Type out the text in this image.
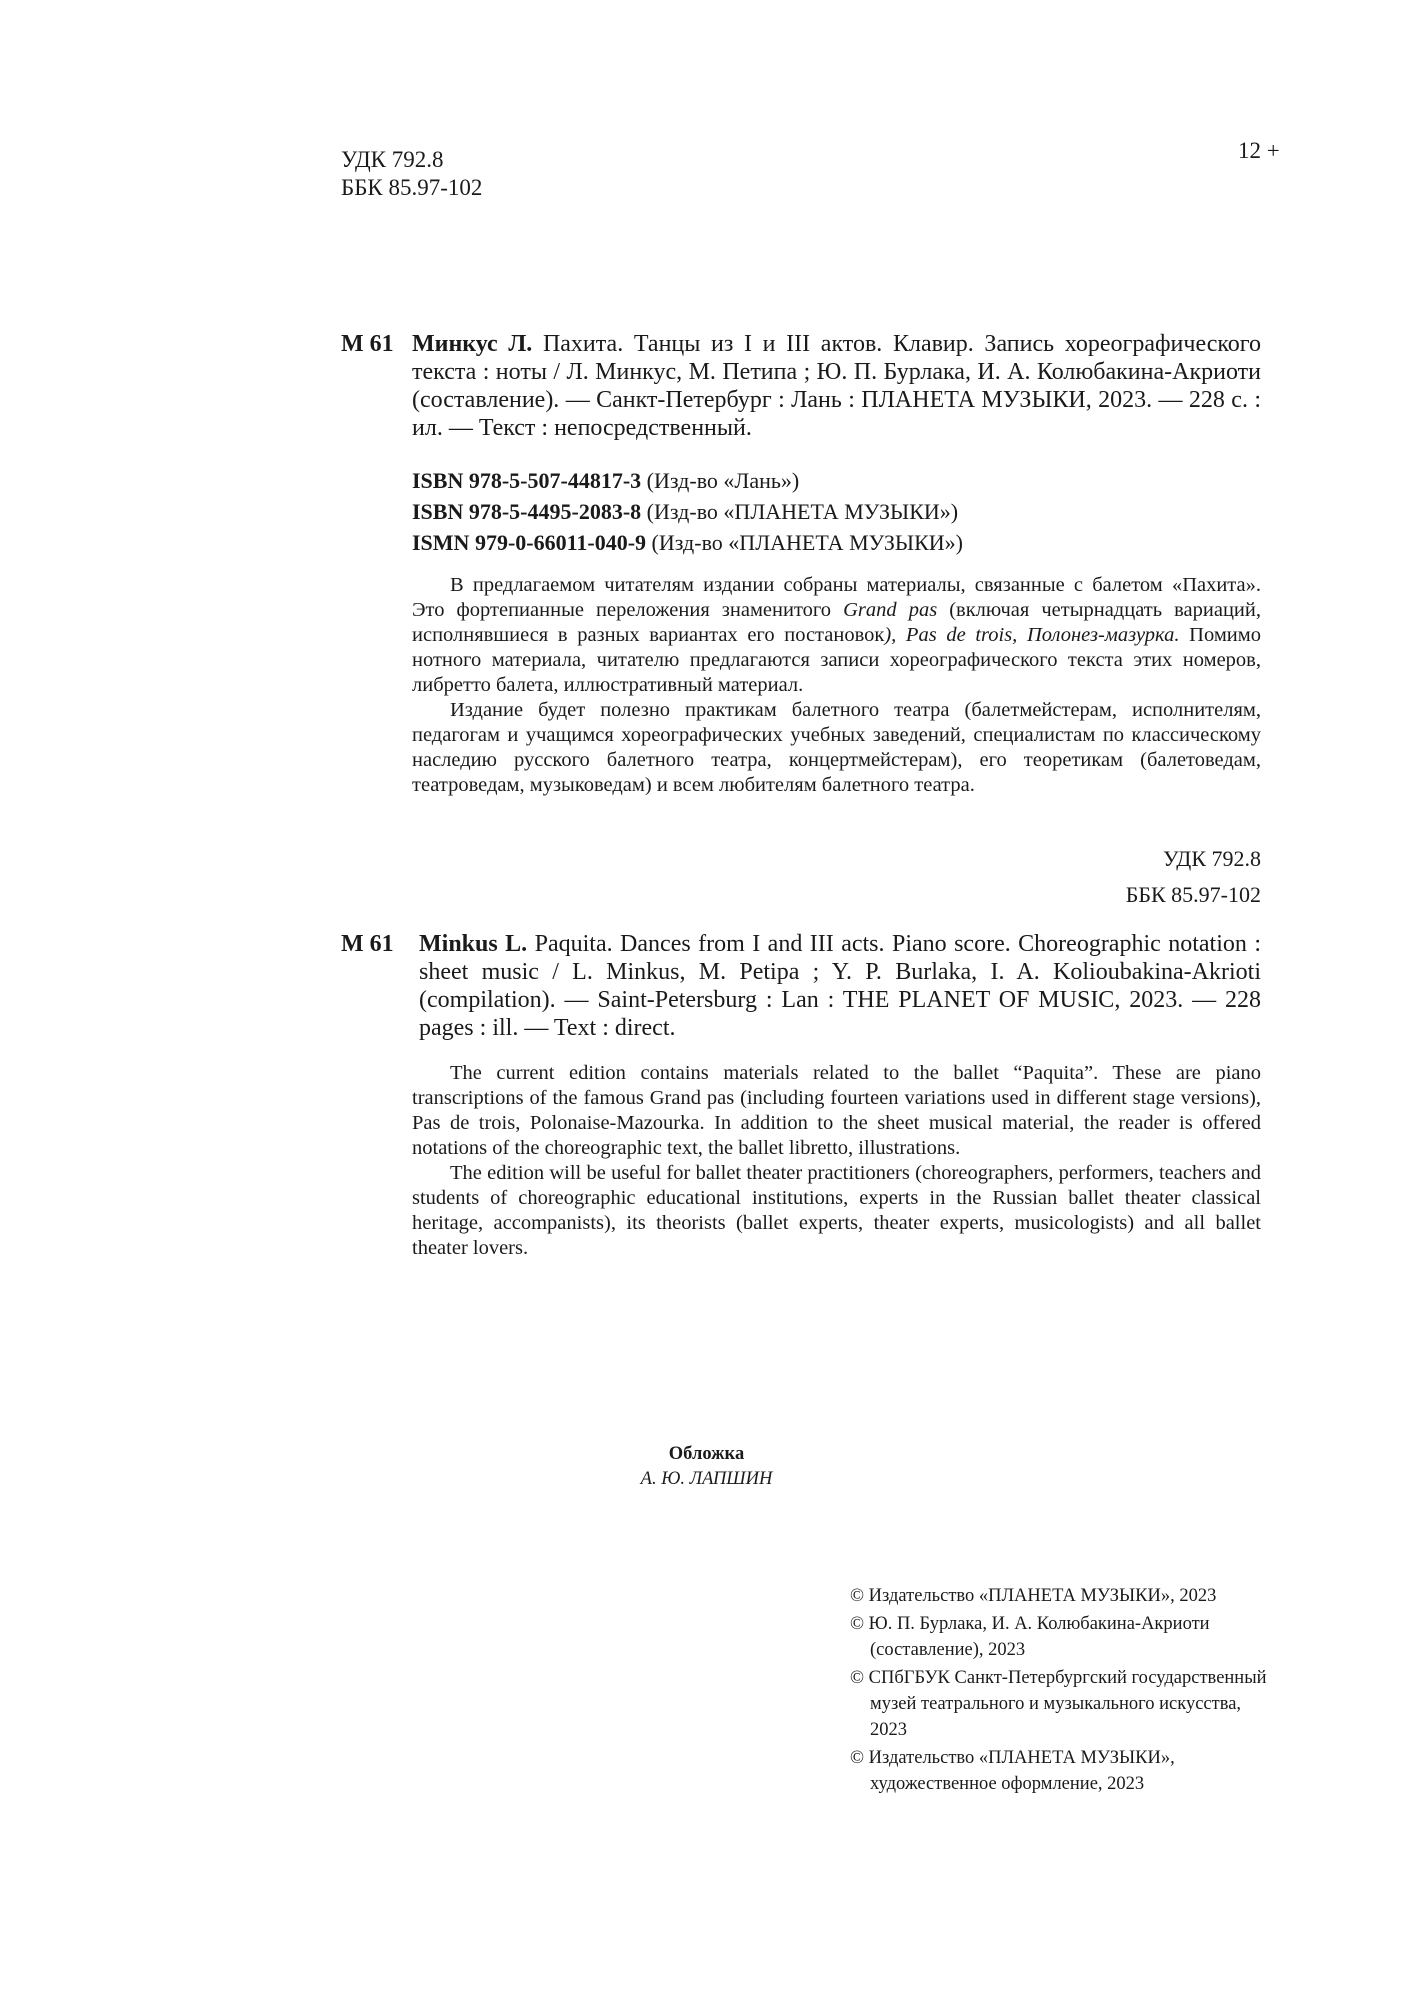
УДК 792.8
ББК 85.97-102
12 +
М 61 Минкус Л. Пахита. Танцы из I и III актов. Клавир. Запись хореографического текста : ноты / Л. Минкус, М. Петипа ; Ю. П. Бурлака, И. А. Колюбакина-Акриоти (составление). — Санкт-Петербург : Лань : ПЛАНЕТА МУЗЫКИ, 2023. — 228 с. : ил. — Текст : непосредственный.
ISBN 978-5-507-44817-3 (Изд-во «Лань»)
ISBN 978-5-4495-2083-8 (Изд-во «ПЛАНЕТА МУЗЫКИ»)
ISMN 979-0-66011-040-9 (Изд-во «ПЛАНЕТА МУЗЫКИ»)

В предлагаемом читателям издании собраны материалы, связанные с балетом «Пахита». Это фортепианные переложения знаменитого Grand pas (включая четырнадцать вариаций, исполнявшиеся в разных вариантах его постановок), Pas de trois, Полонез-мазурка. Помимо нотного материала, читателю предлагаются записи хореографического текста этих номеров, либретто балета, иллюстративный материал.

Издание будет полезно практикам балетного театра (балетмейстерам, исполнителям, педагогам и учащимся хореографических учебных заведений, специалистам по классическому наследию русского балетного театра, концертмейстерам), его теоретикам (балетоведам, театроведам, музыковедам) и всем любителям балетного театра.

УДК 792.8
ББК 85.97-102
М 61 Minkus L. Paquita. Dances from I and III acts. Piano score. Choreographic notation : sheet music / L. Minkus, M. Petipa ; Y. P. Burlaka, I. A. Kolioubakina-Akrioti (compilation). — Saint-Petersburg : Lan : THE PLANET OF MUSIC, 2023. — 228 pages : ill. — Text : direct.

The current edition contains materials related to the ballet “Paquita”. These are piano transcriptions of the famous Grand pas (including fourteen variations used in different stage versions), Pas de trois, Polonaise-Mazourka. In addition to the sheet musical material, the reader is offered notations of the choreographic text, the ballet libretto, illustrations.

The edition will be useful for ballet theater practitioners (choreographers, performers, teachers and students of choreographic educational institutions, experts in the Russian ballet theater classical heritage, accompanists), its theorists (ballet experts, theater experts, musicologists) and all ballet theater lovers.

Обложка
А. Ю. ЛАПШИН
© Издательство «ПЛАНЕТА МУЗЫКИ», 2023
© Ю. П. Бурлака, И. А. Колюбакина-Акриоти (составление), 2023
© СПбГБУК Санкт-Петербургский государственный музей театрального и музыкального искусства, 2023
© Издательство «ПЛАНЕТА МУЗЫКИ», художественное оформление, 2023
